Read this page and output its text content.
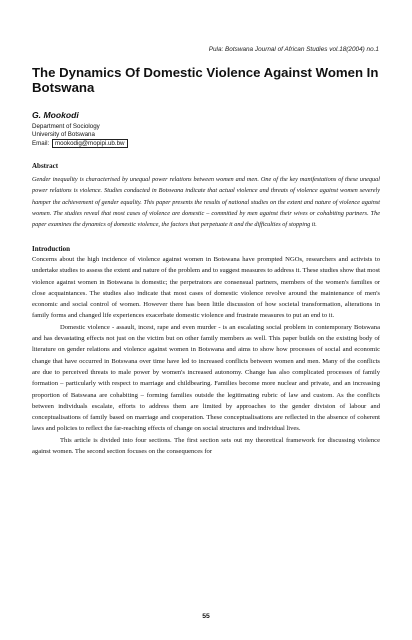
Pula: Botswana Journal of African Studies vol.18(2004) no.1
The Dynamics Of Domestic Violence Against Women In Botswana
G. Mookodi
Department of Sociology
University of Botswana
Email: mookodig@mopipi.ub.bw
Abstract

Gender inequality is characterised by unequal power relations between women and men. One of the key manifestations of these unequal power relations is violence. Studies conducted in Botswana indicate that actual violence and threats of violence against women severely hamper the achievement of gender equality. This paper presents the results of national studies on the extent and nature of violence against women. The studies reveal that most cases of violence are domestic – committed by men against their wives or cohabiting partners. The paper examines the dynamics of domestic violence, the factors that perpetuate it and the difficulties of stopping it.

Introduction

Concerns about the high incidence of violence against women in Botswana have prompted NGOs, researchers and activists to undertake studies to assess the extent and nature of the problem and to suggest measures to address it. These studies show that most violence against women in Botswana is domestic; the perpetrators are consensual partners, members of the women's families or close acquaintances. The studies also indicate that most cases of domestic violence revolve around the maintenance of men's economic and social control of women. However there has been little discussion of how societal transformation, alterations in family forms and changed life experiences exacerbate domestic violence and frustrate measures to put an end to it.

Domestic violence - assault, incest, rape and even murder - is an escalating social problem in contemporary Botswana and has devastating effects not just on the victim but on other family members as well. This paper builds on the existing body of literature on gender relations and violence against women in Botswana and aims to show how processes of social and economic change that have occurred in Botswana over time have led to increased conflicts between women and men. Many of the conflicts are due to perceived threats to male power by women's increased autonomy. Change has also complicated processes of family formation – particularly with respect to marriage and childbearing. Families become more nuclear and private, and an increasing proportion of Batswana are cohabiting – forming families outside the legitimating rubric of law and custom. As the conflicts between individuals escalate, efforts to address them are limited by approaches to the gender division of labour and conceptualisations of family based on marriage and cooperation. These conceptualisations are reflected in the absence of coherent laws and policies to reflect the far-reaching effects of change on social structures and individual lives.

This article is divided into four sections. The first section sets out my theoretical framework for discussing violence against women. The second section focuses on the consequences for

55
